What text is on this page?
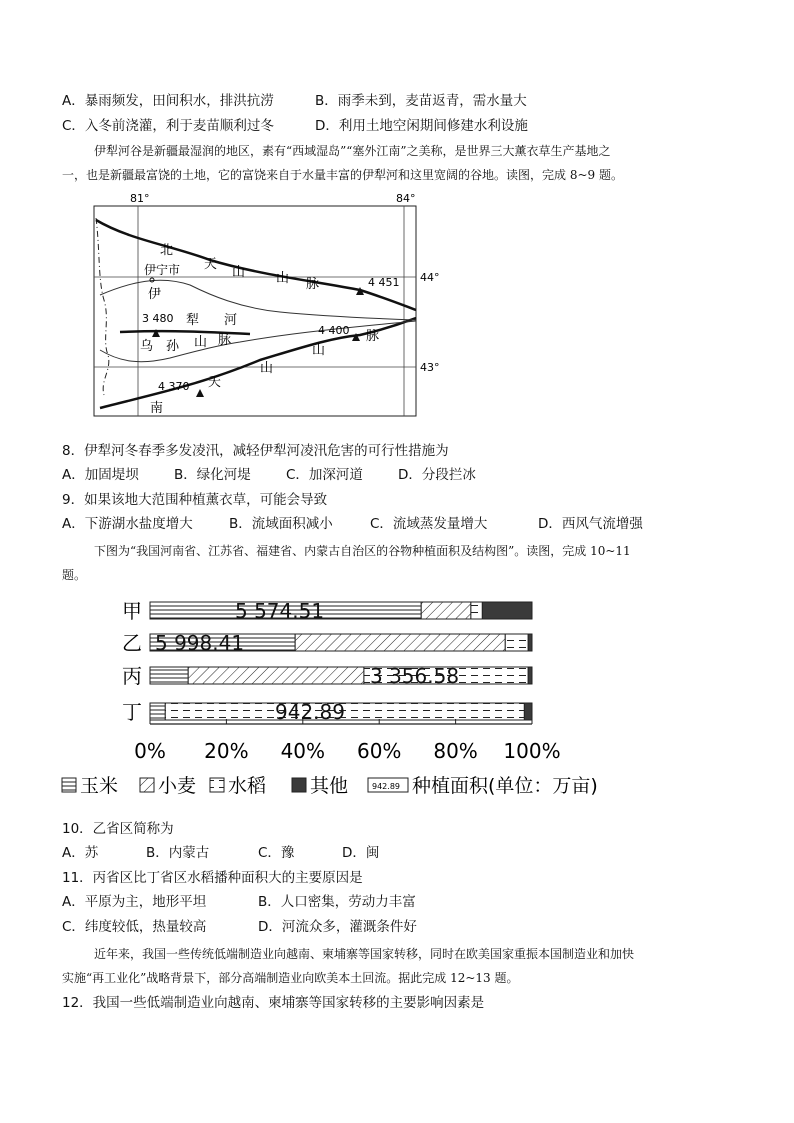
A．暴雨频发，田间积水，排洪抗涝	B．雨季未到，麦苗返青，需水量大
C．入冬前浇灌，利于麦苗顺利过冬	D．利用土地空闲期间修建水利设施
伊犁河谷是新疆最湿润的地区，素有“西域湿岛”“塞外江南”之美称，是世界三大薰衣草生产基地之
一，也是新疆最富饶的土地，它的富饶来自于水量丰富的伊犁河和这里宽阔的谷地。读图，完成 8~9 题。
81°	84°
44°
43°
伊宁市
北
天
山 山 脉
伊
犁 河
乌 孙 山 脉
南
天
山
山
脉
4 451
3 480
4 400
4 370
8．伊犁河冬春季多发凌汛，减轻伊犁河凌汛危害的可行性措施为
A．加固堤坝	B．绿化河堤	C．加深河道	D．分段拦冰
9．如果该地大范围种植薰衣草，可能会导致
A．下游湖水盐度增大	B．流域面积减小	C．流域蒸发量增大	D．西风气流增强
下图为“我国河南省、江苏省、福建省、内蒙古自治区的谷物种植面积及结构图”。读图，完成 10~11
题。
甲	5 574.51
乙 5 998.41
丙	3 356.58
丁	942.89
0% 20% 40% 60% 80% 100%
玉米 小麦 水稻 其他	942.89 种植面积(单位：万亩)
10．乙省区简称为
A．苏	B．内蒙古	C．豫	D．闽
11．丙省区比丁省区水稻播种面积大的主要原因是
A．平原为主，地形平坦	B．人口密集，劳动力丰富
C．纬度较低，热量较高	D．河流众多，灌溉条件好
近年来，我国一些传统低端制造业向越南、柬埔寨等国家转移，同时在欧美国家重振本国制造业和加快
实施“再工业化”战略背景下，部分高端制造业向欧美本土回流。据此完成 12~13 题。
12．我国一些低端制造业向越南、柬埔寨等国家转移的主要影响因素是
